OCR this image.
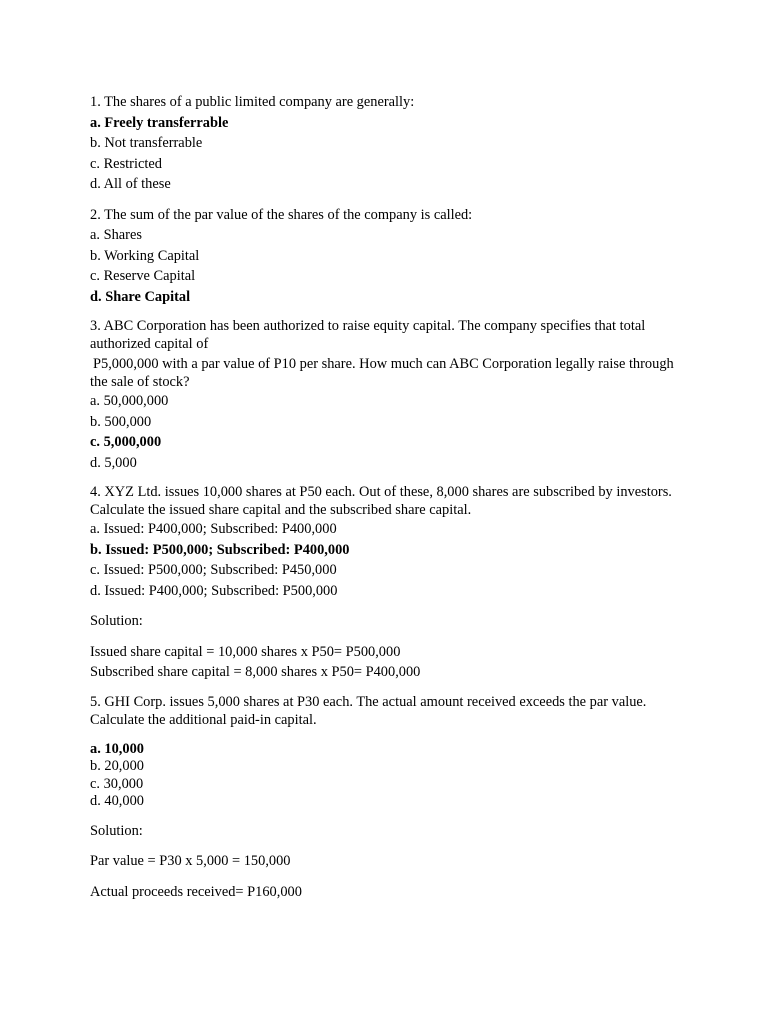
1. The shares of a public limited company are generally:
a. Freely transferrable
b. Not transferrable
c. Restricted
d. All of these
2. The sum of the par value of the shares of the company is called:
a. Shares
b. Working Capital
c. Reserve Capital
d. Share Capital
3. ABC Corporation has been authorized to raise equity capital. The company specifies that total authorized capital of
P5,000,000 with a par value of P10 per share. How much can ABC Corporation legally raise through the sale of stock?
a. 50,000,000
b. 500,000
c. 5,000,000
d. 5,000
4. XYZ Ltd. issues 10,000 shares at P50 each. Out of these, 8,000 shares are subscribed by investors. Calculate the issued share capital and the subscribed share capital.
a. Issued: P400,000; Subscribed: P400,000
b. Issued: P500,000; Subscribed: P400,000
c. Issued: P500,000; Subscribed: P450,000
d. Issued: P400,000; Subscribed: P500,000
Solution:
Issued share capital = 10,000 shares x P50= P500,000
Subscribed share capital = 8,000 shares x P50= P400,000
5. GHI Corp. issues 5,000 shares at P30 each. The actual amount received exceeds the par value. Calculate the additional paid-in capital.
a. 10,000
b. 20,000
c. 30,000
d. 40,000
Solution:
Par value = P30 x 5,000 = 150,000
Actual proceeds received= P160,000
